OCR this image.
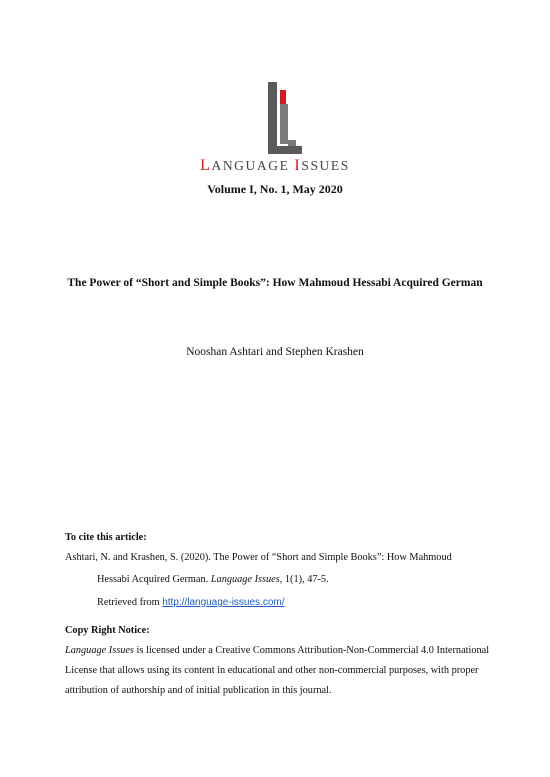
LANGUAGE ISSUES
Volume I, No. 1, May 2020
The Power of “Short and Simple Books”: How Mahmoud Hessabi Acquired German
Nooshan Ashtari and Stephen Krashen
To cite this article:
Ashtari, N. and Krashen, S. (2020). The Power of “Short and Simple Books”: How Mahmoud
Hessabi Acquired German. Language Issues, 1(1), 47-5.
Retrieved from http://language-issues.com/
Copy Right Notice:
Language Issues is licensed under a Creative Commons Attribution-Non-Commercial 4.0 International License that allows using its content in educational and other non-commercial purposes, with proper attribution of authorship and of initial publication in this journal.
